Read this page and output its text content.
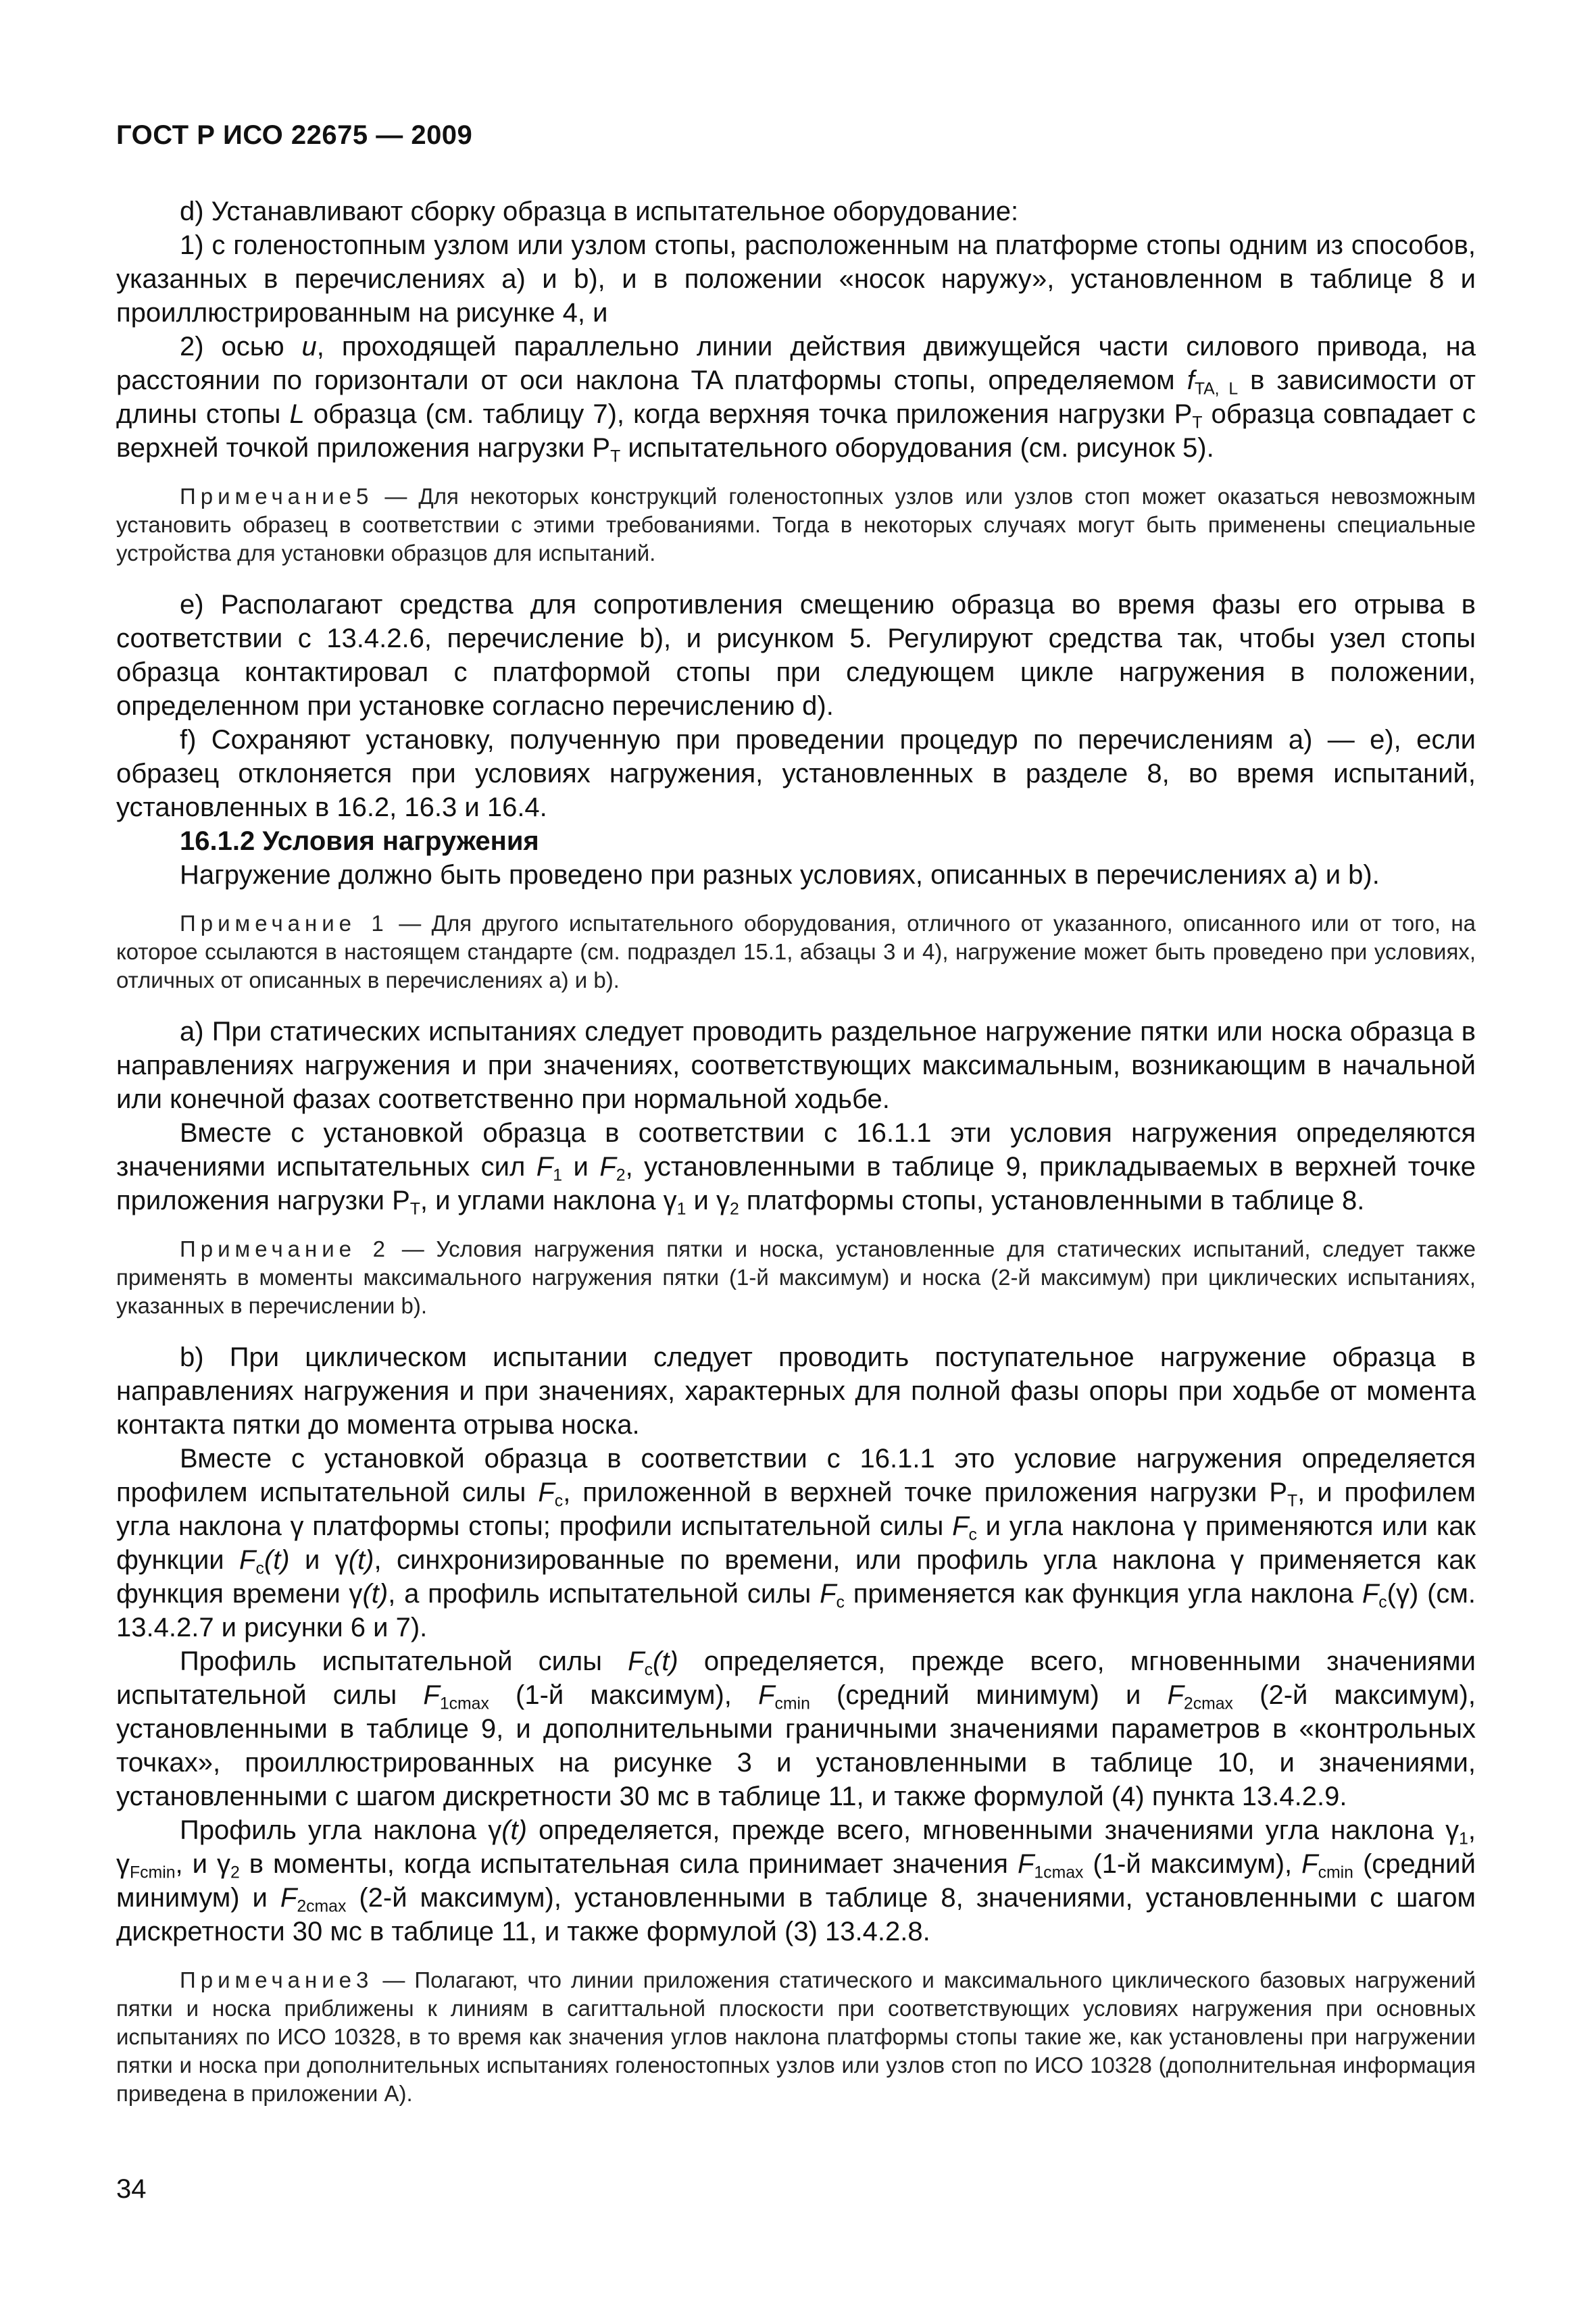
ГОСТ Р ИСО 22675 — 2009

d) Устанавливают сборку образца в испытательное оборудование:

1) с голеностопным узлом или узлом стопы, расположенным на платформе стопы одним из способов, указанных в перечислениях a) и b), и в положении «носок наружу», установленном в таблице 8 и проиллюстрированным на рисунке 4, и

2) осью u, проходящей параллельно линии действия движущейся части силового привода, на расстоянии по горизонтали от оси наклона TA платформы стопы, определяемом $f_{TA, L}$ в зависимости от длины стопы L образца (см. таблицу 7), когда верхняя точка приложения нагрузки $P_T$ образца совпадает с верхней точкой приложения нагрузки $P_T$ испытательного оборудования (см. рисунок 5).

Примечание5 — Для некоторых конструкций голеностопных узлов или узлов стоп может оказаться невозможным установить образец в соответствии с этими требованиями. Тогда в некоторых случаях могут быть применены специальные устройства для установки образцов для испытаний.

e) Располагают средства для сопротивления смещению образца во время фазы его отрыва в соответствии с 13.4.2.6, перечисление b), и рисунком 5. Регулируют средства так, чтобы узел стопы образца контактировал с платформой стопы при следующем цикле нагружения в положении, определенном при установке согласно перечислению d).

f) Сохраняют установку, полученную при проведении процедур по перечислениям a) — e), если образец отклоняется при условиях нагружения, установленных в разделе 8, во время испытаний, установленных в 16.2, 16.3 и 16.4.

16.1.2 Условия нагружения

Нагружение должно быть проведено при разных условиях, описанных в перечислениях a) и b).

Примечание 1 — Для другого испытательного оборудования, отличного от указанного, описанного или от того, на которое ссылаются в настоящем стандарте (см. подраздел 15.1, абзацы 3 и 4), нагружение может быть проведено при условиях, отличных от описанных в перечислениях a) и b).

a) При статических испытаниях следует проводить раздельное нагружение пятки или носка образца в направлениях нагружения и при значениях, соответствующих максимальным, возникающим в начальной или конечной фазах соответственно при нормальной ходьбе.

Вместе с установкой образца в соответствии с 16.1.1 эти условия нагружения определяются значениями испытательных сил $F_1$ и $F_2$, установленными в таблице 9, прикладываемых в верхней точке приложения нагрузки $P_T$, и углами наклона $\gamma_1$ и $\gamma_2$ платформы стопы, установленными в таблице 8.

Примечание 2 — Условия нагружения пятки и носка, установленные для статических испытаний, следует также применять в моменты максимального нагружения пятки (1-й максимум) и носка (2-й максимум) при циклических испытаниях, указанных в перечислении b).

b) При циклическом испытании следует проводить поступательное нагружение образца в направлениях нагружения и при значениях, характерных для полной фазы опоры при ходьбе от момента контакта пятки до момента отрыва носка.

Вместе с установкой образца в соответствии с 16.1.1 это условие нагружения определяется профилем испытательной силы $F_c$, приложенной в верхней точке приложения нагрузки $P_T$, и профилем угла наклона γ платформы стопы; профили испытательной силы $F_c$ и угла наклона γ применяются или как функции $F_c(t)$ и γ(t), синхронизированные по времени, или профиль угла наклона γ применяется как функция времени γ(t), а профиль испытательной силы $F_c$ применяется как функция угла наклона $F_c(\gamma)$ (см. 13.4.2.7 и рисунки 6 и 7).

Профиль испытательной силы $F_c(t)$ определяется, прежде всего, мгновенными значениями испытательной силы $F_{1cmax}$ (1-й максимум), $F_{cmin}$ (средний минимум) и $F_{2cmax}$ (2-й максимум), установленными в таблице 9, и дополнительными граничными значениями параметров в «контрольных точках», проиллюстрированных на рисунке 3 и установленными в таблице 10, и значениями, установленными с шагом дискретности 30 мс в таблице 11, и также формулой (4) пункта 13.4.2.9.

Профиль угла наклона γ(t) определяется, прежде всего, мгновенными значениями угла наклона $\gamma_1$, $\gamma_{Fcmin}$, и $\gamma_2$ в моменты, когда испытательная сила принимает значения $F_{1cmax}$ (1-й максимум), $F_{cmin}$ (средний минимум) и $F_{2cmax}$ (2-й максимум), установленными в таблице 8, значениями, установленными с шагом дискретности 30 мс в таблице 11, и также формулой (3) 13.4.2.8.

Примечание3 — Полагают, что линии приложения статического и максимального циклического базовых нагружений пятки и носка приближены к линиям в сагиттальной плоскости при соответствующих условиях нагружения при основных испытаниях по ИСО 10328, в то время как значения углов наклона платформы стопы такие же, как установлены при нагружении пятки и носка при дополнительных испытаниях голеностопных узлов или узлов стоп по ИСО 10328 (дополнительная информация приведена в приложении А).

34
